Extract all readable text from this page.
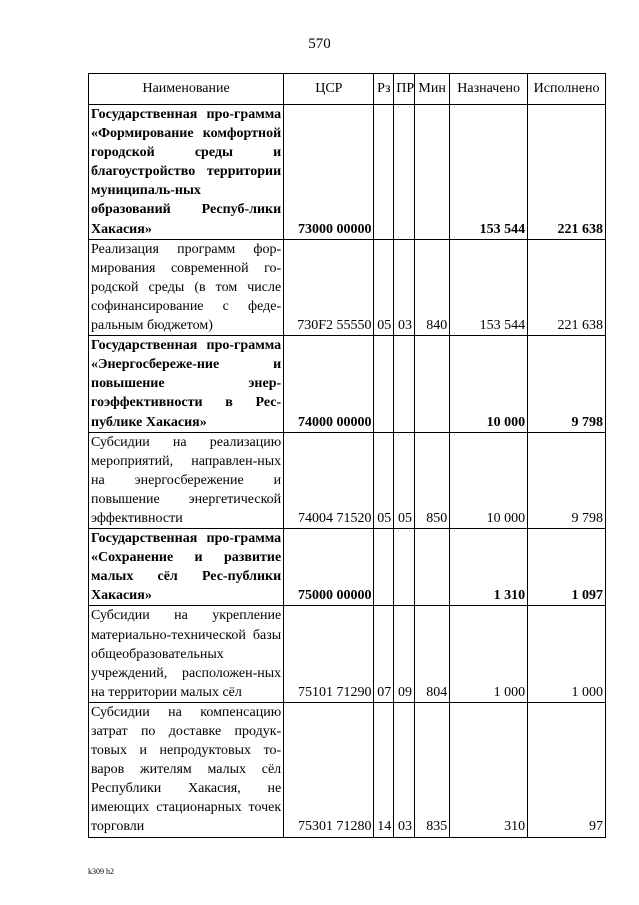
570
Наименование	ЦСР	Рз	ПР	Мин	Назначено	Исполнено
Государственная про-грамма «Формирование комфортной городской среды и благоустройство территории муниципаль-ных образований Респуб-лики Хакасия»	73000 00000				153 544	221 638
Реализация программ фор-мирования современной го-родской среды (в том числе софинансирование с феде-ральным бюджетом)	730F2 55550	05	03	840	153 544	221 638
Государственная про-грамма «Энергосбереже-ние и повышение энер-гоэффективности в Рес-публике Хакасия»	74000 00000				10 000	9 798
Субсидии на реализацию мероприятий, направлен-ных на энергосбережение и повышение энергетической эффективности	74004 71520	05	05	850	10 000	9 798
Государственная про-грамма «Сохранение и развитие малых сёл Рес-публики Хакасия»	75000 00000				1 310	1 097
Субсидии на укрепление материально-технической базы общеобразовательных учреждений, расположен-ных на территории малых сёл	75101 71290	07	09	804	1 000	1 000
Субсидии на компенсацию затрат по доставке продук-товых и непродуктовых то-варов жителям малых сёл Республики Хакасия, не имеющих стационарных точек торговли	75301 71280	14	03	835	310	97
k309 h2
